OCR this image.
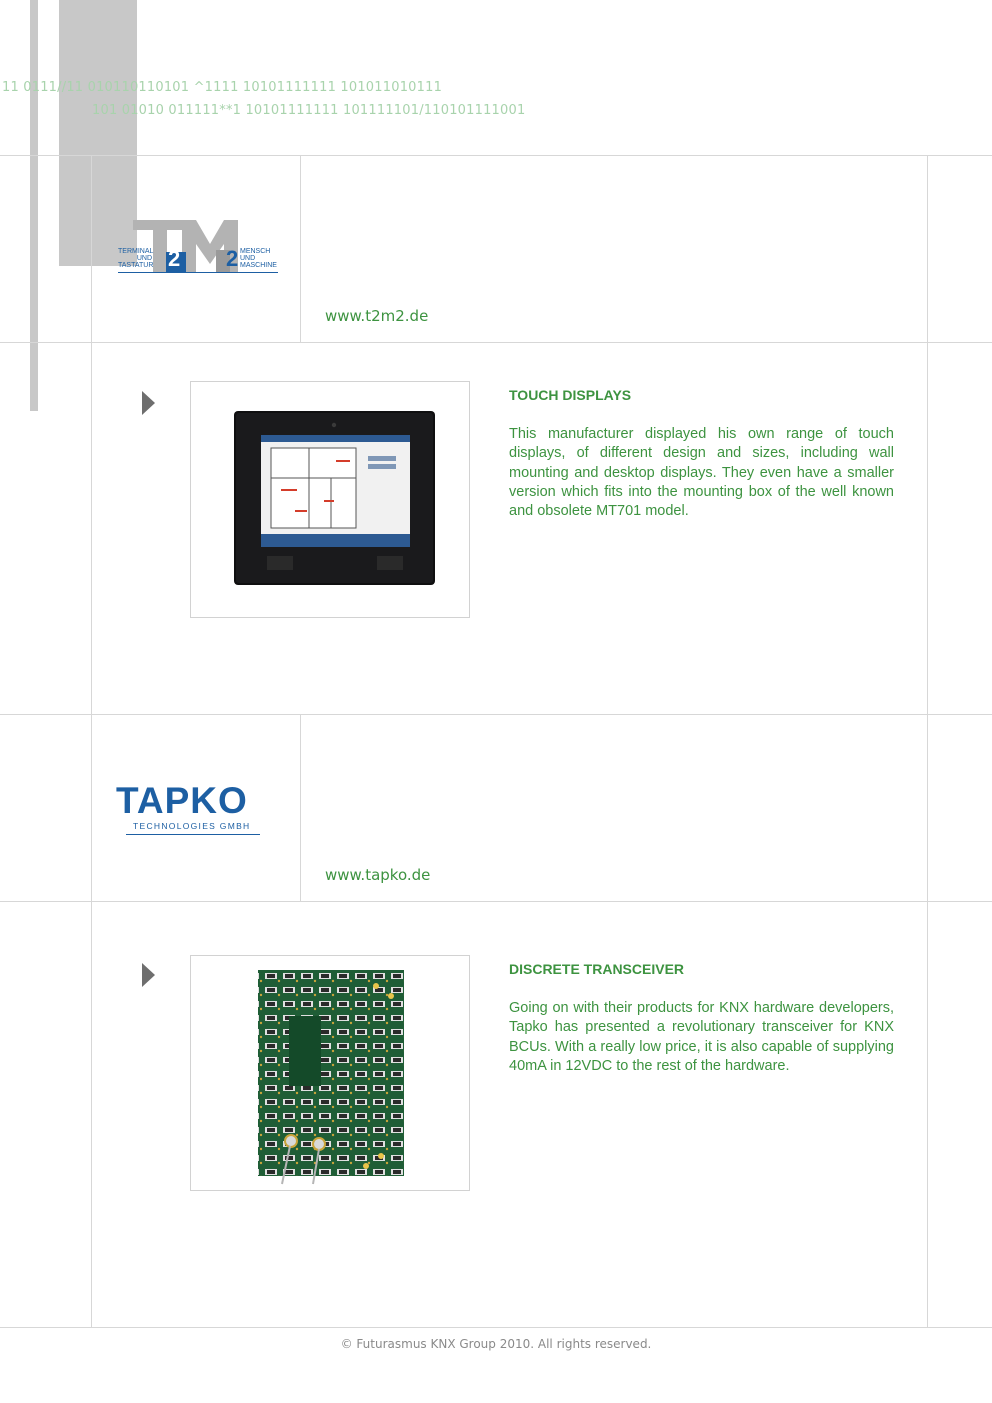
11 0111//11 010110110101 ^1111 10101111111 101011010111
101 01010 011111**1 10101111111 101111101/110101111001
TERMINAL
UND
TASTATUR 2 2 MENSCH
UND
MASCHINE
www.t2m2.de
TOUCH DISPLAYS
This manufacturer displayed his own range of touch displays, of different design and sizes, including wall mounting and desktop displays. They even have a smaller version which fits into the mounting box of the well known and obsolete MT701 model.
TAPKO
TECHNOLOGIES GMBH
www.tapko.de
DISCRETE TRANSCEIVER
Going on with their products for KNX hardware developers, Tapko has presented a revolutionary transceiver for KNX BCUs. With a really low price, it is also capable of supplying 40mA in 12VDC to the rest of the hardware.
© Futurasmus KNX Group 2010. All rights reserved.
